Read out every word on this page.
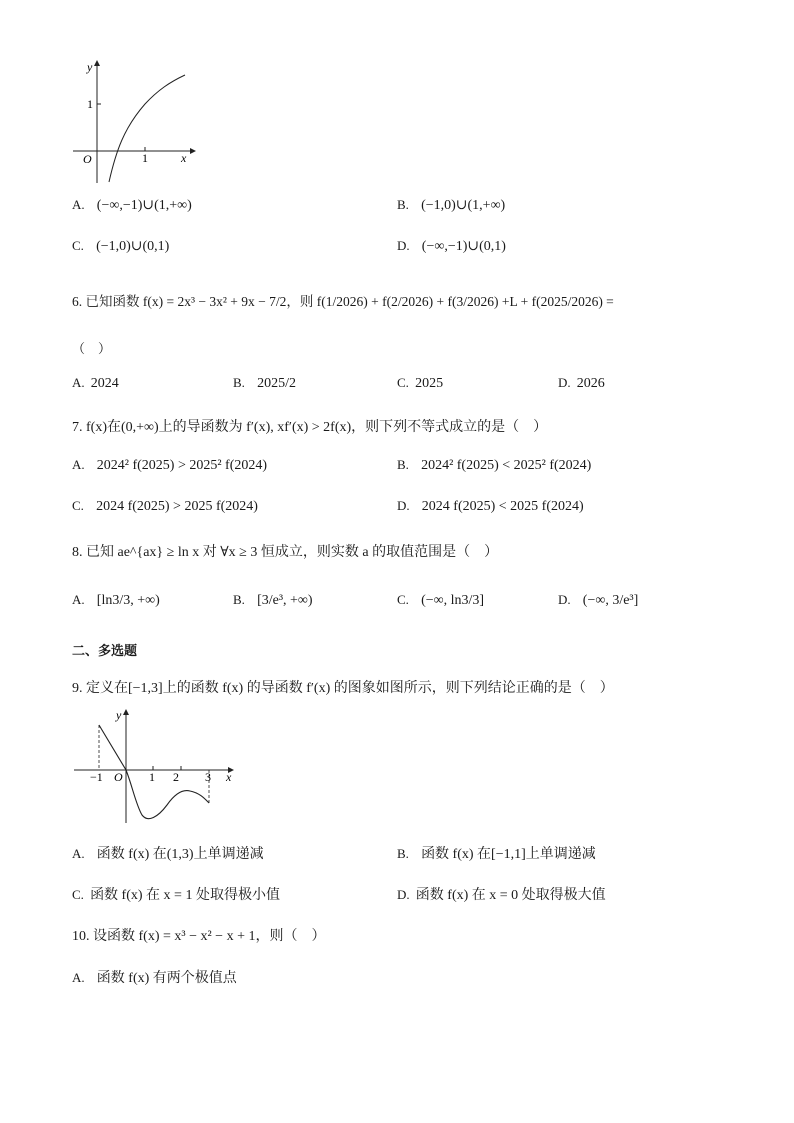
y
x
O	1
1
A. (−∞,−1)∪(1,+∞)	B. (−1,0)∪(1,+∞)
C. (−1,0)∪(0,1)	D. (−∞,−1)∪(0,1)
6. 已知函数 f(x) = 2x³ − 3x² + 9x − 7/2，则 f(1/2026) + f(2/2026) + f(3/2026) +L + f(2025/2026) =
（　）
A. 2024	B. 2025/2	C. 2025	D. 2026
7. f(x)在(0,+∞)上的导函数为 f′(x), xf′(x) > 2f(x)，则下列不等式成立的是（　）
A. 2024² f(2025) > 2025² f(2024)	B. 2024² f(2025) < 2025² f(2024)
C. 2024 f(2025) > 2025 f(2024)	D. 2024 f(2025) < 2025 f(2024)
8. 已知 ae^{ax} ≥ ln x 对 ∀x ≥ 3 恒成立，则实数 a 的取值范围是（　）
A. [ln3/3, +∞)	B. [3/e³, +∞)	C. (−∞, ln3/3]	D. (−∞, 3/e³]
二、多选题
9. 定义在[−1,3]上的函数 f(x) 的导函数 f′(x) 的图象如图所示，则下列结论正确的是（　）
y
x
O
−1	1 2 3
A. 函数 f(x) 在(1,3)上单调递减	B. 函数 f(x) 在[−1,1]上单调递减
C. 函数 f(x) 在 x = 1 处取得极小值	D. 函数 f(x) 在 x = 0 处取得极大值
10. 设函数 f(x) = x³ − x² − x + 1，则（　）
A. 函数 f(x) 有两个极值点
